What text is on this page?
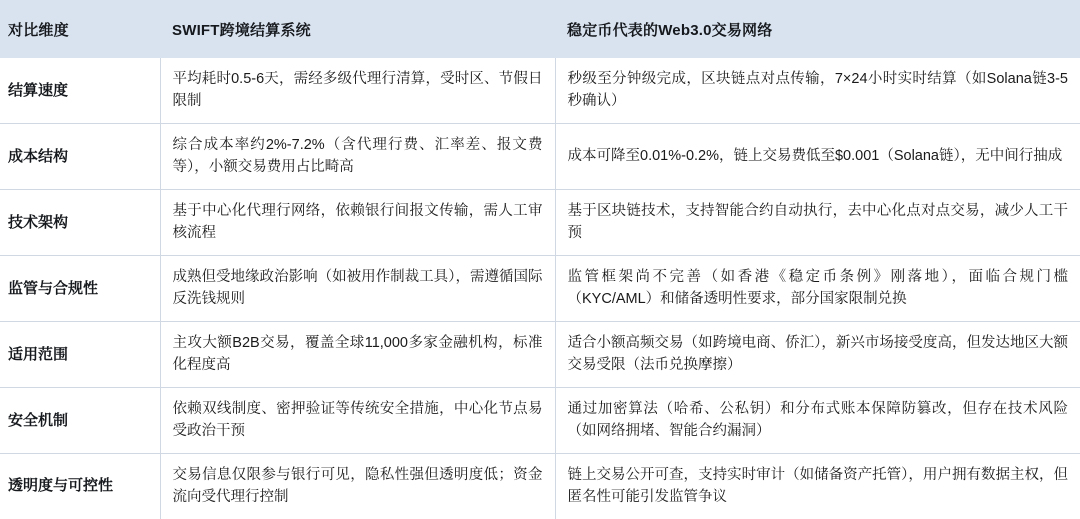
对比维度	SWIFT跨境结算系统	稳定币代表的Web3.0交易网络
结算速度	平均耗时0.5-6天，需经多级代理行清算，受时区、节假日限制	秒级至分钟级完成，区块链点对点传输，7×24小时实时结算（如Solana链3-5秒确认）

成本结构	综合成本率约2%-7.2%（含代理行费、汇率差、报文费等），小额交易费用占比畸高	成本可降至0.01%-0.2%，链上交易费低至$0.001（Solana链），无中间行抽成

技术架构	基于中心化代理行网络，依赖银行间报文传输，需人工审核流程	基于区块链技术，支持智能合约自动执行，去中心化点对点交易，减少人工干预

监管与合规性	成熟但受地缘政治影响（如被用作制裁工具），需遵循国际反洗钱规则	监管框架尚不完善（如香港《稳定币条例》刚落地），面临合规门槛（KYC/AML）和储备透明性要求，部分国家限制兑换

适用范围	主攻大额B2B交易，覆盖全球11,000多家金融机构，标准化程度高	适合小额高频交易（如跨境电商、侨汇），新兴市场接受度高，但发达地区大额交易受限（法币兑换摩擦）

安全机制	依赖双线制度、密押验证等传统安全措施，中心化节点易受政治干预	通过加密算法（哈希、公私钥）和分布式账本保障防篡改，但存在技术风险（如网络拥堵、智能合约漏洞）

透明度与可控性	交易信息仅限参与银行可见，隐私性强但透明度低；资金流向受代理行控制	链上交易公开可查，支持实时审计（如储备资产托管），用户拥有数据主权，但匿名性可能引发监管争议
